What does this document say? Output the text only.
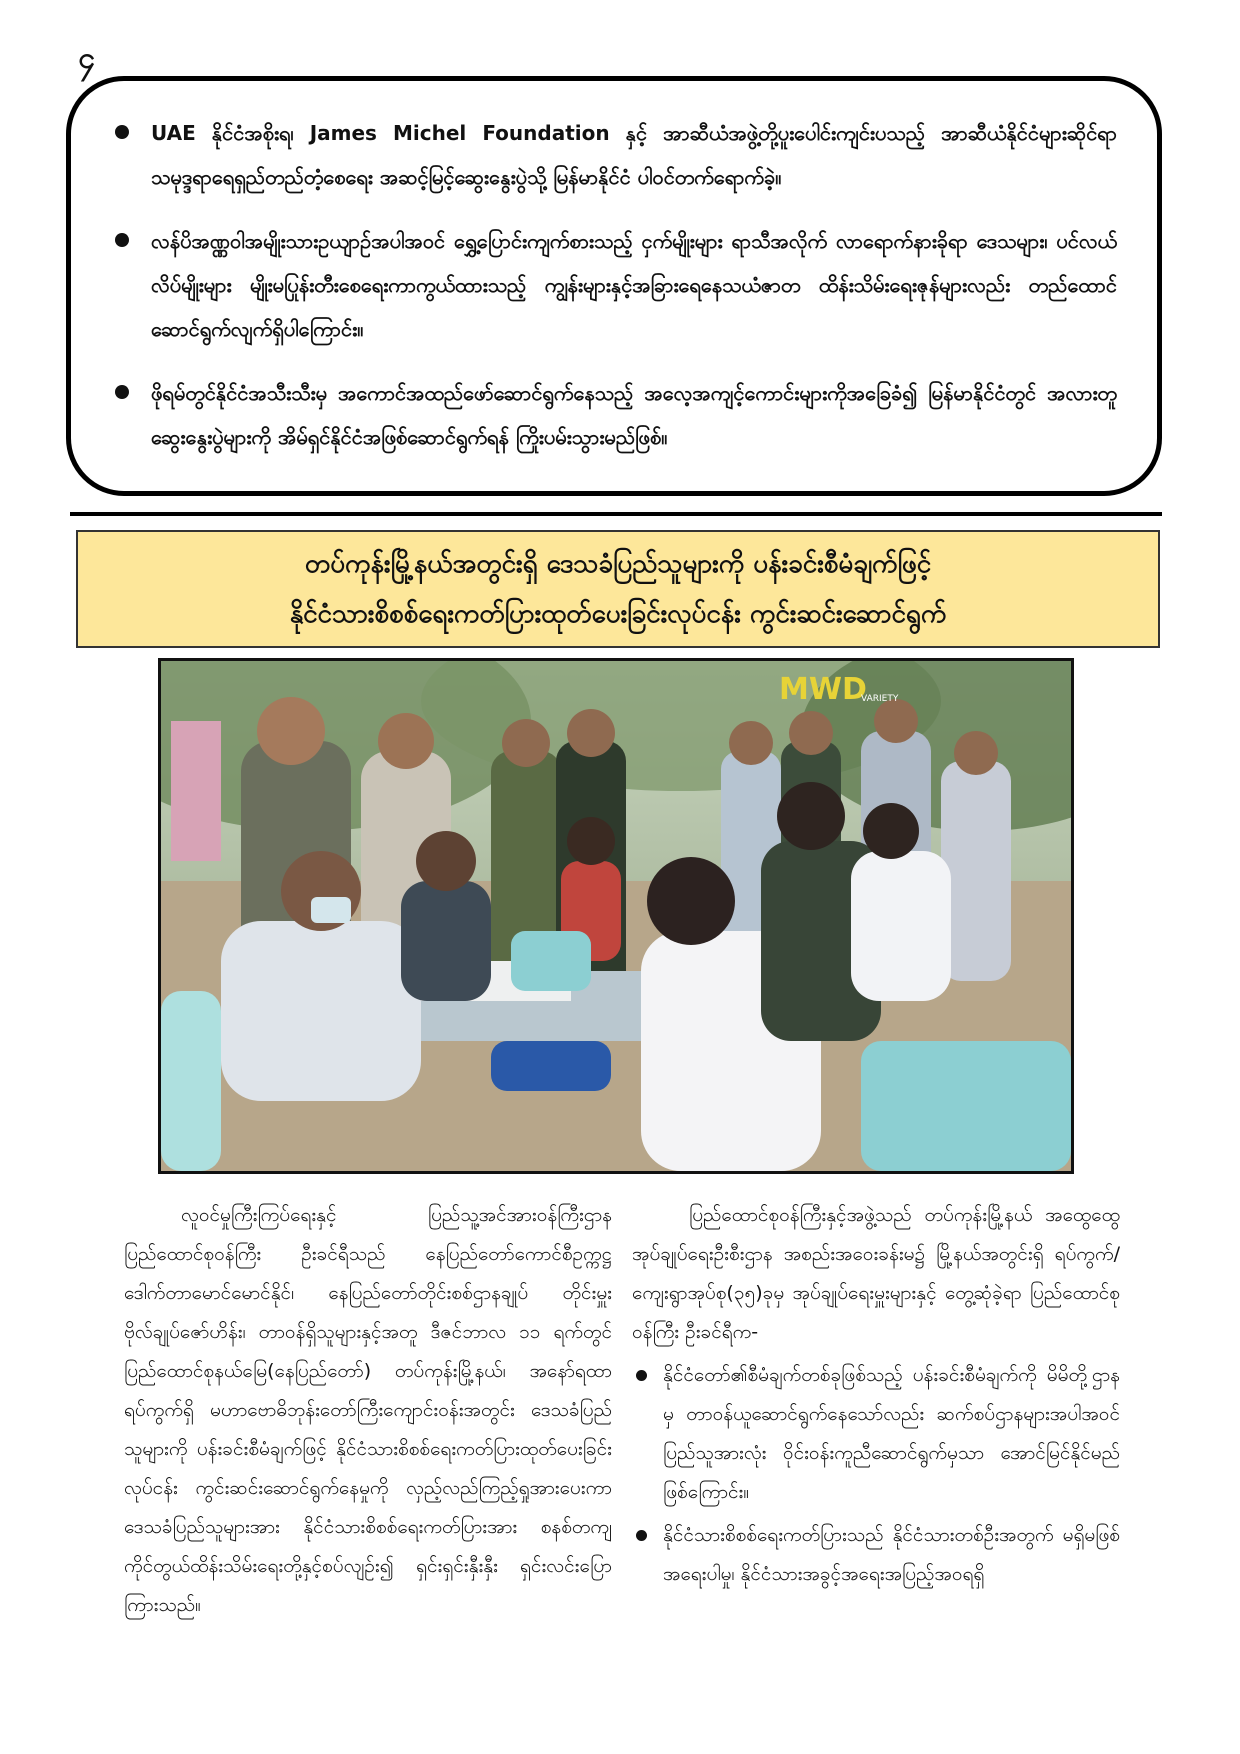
၄
UAE နိုင်ငံအစိုးရ၊ James Michel Foundation နှင့် အာဆီယံအဖွဲ့တို့ပူးပေါင်းကျင်းပသည့် အာဆီယံနိုင်ငံများဆိုင်ရာ သမုဒ္ဒရာရေရှည်တည်တံ့စေရေး အဆင့်မြင့်ဆွေးနွေးပွဲသို့ မြန်မာနိုင်ငံ ပါဝင်တက်ရောက်ခဲ့။
လန်ပိအဏ္ဏဝါအမျိုးသားဥယျာဉ်အပါအဝင် ရွှေ့ပြောင်းကျက်စားသည့် ငှက်မျိုးများ ရာသီအလိုက် လာရောက်နားခိုရာ ဒေသများ၊ ပင်လယ်လိပ်မျိုးများ မျိုးမပြုန်းတီးစေရေးကာကွယ်ထားသည့် ကျွန်းများနှင့်အခြားရေနေသယံဇာတ ထိန်းသိမ်းရေးဇုန်များလည်း တည်ထောင်ဆောင်ရွက်လျက်ရှိပါကြောင်း။
ဖိုရမ်တွင်နိုင်ငံအသီးသီးမှ အကောင်အထည်ဖော်ဆောင်ရွက်နေသည့် အလေ့အကျင့်ကောင်းများကိုအခြေခံ၍ မြန်မာနိုင်ငံတွင် အလားတူဆွေးနွေးပွဲများကို အိမ်ရှင်နိုင်ငံအဖြစ်ဆောင်ရွက်ရန် ကြိုးပမ်းသွားမည်ဖြစ်။
တပ်ကုန်းမြို့နယ်အတွင်းရှိ ဒေသခံပြည်သူများကို ပန်းခင်းစီမံချက်ဖြင့်
နိုင်ငံသားစိစစ်ရေးကတ်ပြားထုတ်ပေးခြင်းလုပ်ငန်း ကွင်းဆင်းဆောင်ရွက်
MWD
VARIETY
လူဝင်မှုကြီးကြပ်ရေးနှင့် ပြည်သူ့အင်အားဝန်ကြီးဌာန ပြည်ထောင်စုဝန်ကြီး ဦးခင်ရီသည် နေပြည်တော်ကောင်စီဥက္ကဋ္ဌ ဒေါက်တာမောင်မောင်နိုင်၊ နေပြည်တော်တိုင်းစစ်ဌာနချုပ် တိုင်းမှူး ဗိုလ်ချုပ်ဇော်ဟိန်း၊ တာဝန်ရှိသူများနှင့်အတူ ဒီဇင်ဘာလ ၁၁ ရက်တွင် ပြည်ထောင်စုနယ်မြေ(နေပြည်တော်) တပ်ကုန်းမြို့နယ်၊ အနော်ရထာရပ်ကွက်ရှိ မဟာဗောဓိဘုန်းတော်ကြီးကျောင်းဝန်းအတွင်း ဒေသခံပြည်သူများကို ပန်းခင်းစီမံချက်ဖြင့် နိုင်ငံသားစိစစ်ရေးကတ်ပြားထုတ်ပေးခြင်းလုပ်ငန်း ကွင်းဆင်းဆောင်ရွက်နေမှုကို လှည့်လည်ကြည့်ရှုအားပေးကာ ဒေသခံပြည်သူများအား နိုင်ငံသားစိစစ်ရေးကတ်ပြားအား စနစ်တကျကိုင်တွယ်ထိန်းသိမ်းရေးတို့နှင့်စပ်လျဉ်း၍ ရှင်းရှင်းနှီးနှီး ရှင်းလင်းပြောကြားသည်။
ပြည်ထောင်စုဝန်ကြီးနှင့်အဖွဲ့သည် တပ်ကုန်းမြို့နယ် အထွေထွေအုပ်ချုပ်ရေးဦးစီးဌာန အစည်းအဝေးခန်းမ၌ မြို့နယ်အတွင်းရှိ ရပ်ကွက်/ကျေးရွာအုပ်စု(၃၅)ခုမှ အုပ်ချုပ်ရေးမှူးများနှင့် တွေ့ဆုံခဲ့ရာ ပြည်ထောင်စုဝန်ကြီး ဦးခင်ရီက-
နိုင်ငံတော်၏စီမံချက်တစ်ခုဖြစ်သည့် ပန်းခင်းစီမံချက်ကို မိမိတို့ဌာနမှ တာဝန်ယူဆောင်ရွက်နေသော်လည်း ဆက်စပ်ဌာနများအပါအဝင် ပြည်သူအားလုံး ဝိုင်းဝန်းကူညီဆောင်ရွက်မှသာ အောင်မြင်နိုင်မည်ဖြစ်ကြောင်း။
နိုင်ငံသားစိစစ်ရေးကတ်ပြားသည် နိုင်ငံသားတစ်ဦးအတွက် မရှိမဖြစ်အရေးပါမှု၊ နိုင်ငံသားအခွင့်အရေးအပြည့်အဝရရှိ
